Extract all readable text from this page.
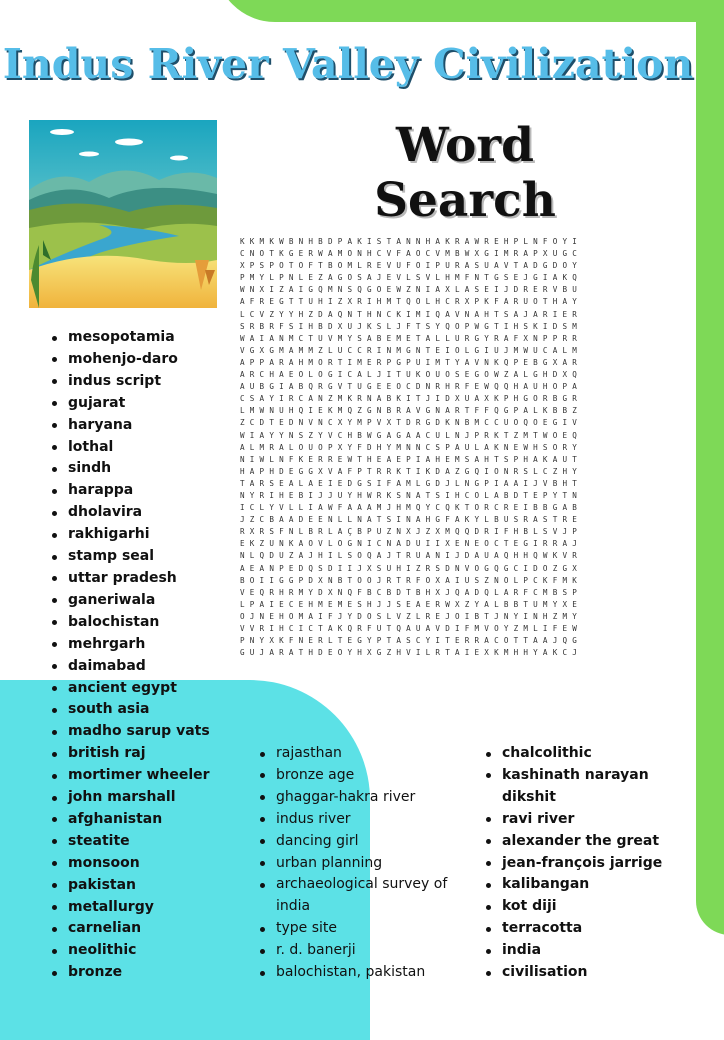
Indus River Valley Civilization
Word Search
KKMKWBNHBDPAKISTANNHAKRAWREHPLNFOYI
CNOTKGERWAMONHCVFAOCVMBWXGIMRAPXUGC
XPSPOTOFTBOMLREVUFOIPURASUAVTADGDOY
PMYLPNLEZAGOSAJEVLSVLHMFNTGSEJGIAKQ
WNXIZAIGQMNSQGOEWZNIAXLASEIJDRERVBU
AFREGTTUHIZXRIHMTQOLHCRXPKFARUOTHAY
LCVZYYHZDAQNTHNCKIMIQAVNAHTSAJARIER
SRBRFSIHBDXUJKSLJFTSYQOPWGTIHSKIDSM
WAIANMCTUVMYSABEMETALLURGYRAFXNPPRR
VGXGMAMMZLUCCRINMGNTEIOLGIUJMWUCALM
APPARAHMORTIMERPGPUIMTYAVNKQPEBGXAR
ARCHAEOLOGICALJITUKOUOSEGOWZALGHDXQ
AUBGIABQRGVTUGEEOCDNRHRFEWQQHAUHOPA
CSAYIRCANZMKRNABKITJIDXUAXKPHGORBGR
LMWNUHQIEKMQZGNBRAVGNARTFFQGPALKBBZ
ZCDTEDNVNCXYMPVXTDRGDKNBMCCUOQOEGIV
WIAYYNSZYVCHBWGAGAACULNJPRKTZMTWOEQ
ALMRALOUOPXYFDHYMNNCSPAULAKNEWHSORY
NIWLNFKERREWTHEAEPIAHEMSAHTSPHAKAUT
HAPHDEGGXVAFPTRRKTIKDAZGQIONRSLCZHY
TARSEALAEIEDGSIFAMLGDJLNGPIAAIJVBHT
NYRIHEBIJJUYHWRKSNATSIHCOLABDTEPYTN
ICLYVLLIAWFAAAMJHMQYCQKTORCREIBBGAB
JZCBAADEENLLNATSINAHGFAKYLBUSRASTRE
RXRSFNLBRLAÇBPUZNXJZXMQQDRIFHBLSVJP
EKZUNKAOVLOGNICNADUIIXENEOCTEGIRRAJ
NLQDUZAJHILSOQAJTRUANIJDAUAQHHQWKVR
AEANPEDQSDIIJXSUHIZRSDNVOGQGCIDOZGX
BOIIGGPDXNBTOOJRTRFOXAIUSZNOLPCKFMK
VEQRHRMYDXNQFBCBDTBHXJQADQLARFCMBSP
LPAIECEHMEMESHJJSEAERWXZYALBBTUMYXE
OJNEHOMAIFJYDOSLVZLREJOIBTJNYINHZMY
VVRIHCICTAKQRFUTQAUAVDIFMVOYZMLIFEW
PNYXKFNERLTEGYPTASCYITERRACOTTAAJQG
GUJARATHDEOYHXGZHVILRTAIEXKMHHYAKCJ
mesopotamia
mohenjo-daro
indus script
gujarat
haryana
lothal
sindh
harappa
dholavira
rakhigarhi
stamp seal
uttar pradesh
ganeriwala
balochistan
mehrgarh
daimabad
ancient egypt
south asia
madho sarup vats
british raj
mortimer wheeler
john marshall
afghanistan
steatite
monsoon
pakistan
metallurgy
carnelian
neolithic
bronze
rajasthan
bronze age
ghaggar-hakra river
indus river
dancing girl
urban planning
archaeological survey of india
type site
r. d. banerji
balochistan, pakistan
chalcolithic
kashinath narayan dikshit
ravi river
alexander the great
jean-françois jarrige
kalibangan
kot diji
terracotta
india
civilisation
